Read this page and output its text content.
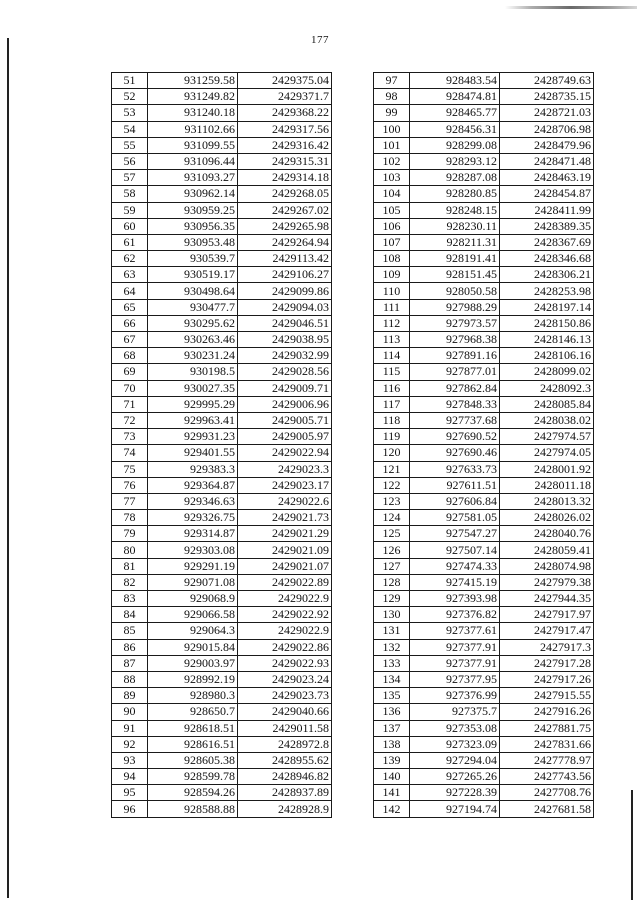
177
51	931259.58	2429375.04
52	931249.82	2429371.7
53	931240.18	2429368.22
54	931102.66	2429317.56
55	931099.55	2429316.42
56	931096.44	2429315.31
57	931093.27	2429314.18
58	930962.14	2429268.05
59	930959.25	2429267.02
60	930956.35	2429265.98
61	930953.48	2429264.94
62	930539.7	2429113.42
63	930519.17	2429106.27
64	930498.64	2429099.86
65	930477.7	2429094.03
66	930295.62	2429046.51
67	930263.46	2429038.95
68	930231.24	2429032.99
69	930198.5	2429028.56
70	930027.35	2429009.71
71	929995.29	2429006.96
72	929963.41	2429005.71
73	929931.23	2429005.97
74	929401.55	2429022.94
75	929383.3	2429023.3
76	929364.87	2429023.17
77	929346.63	2429022.6
78	929326.75	2429021.73
79	929314.87	2429021.29
80	929303.08	2429021.09
81	929291.19	2429021.07
82	929071.08	2429022.89
83	929068.9	2429022.9
84	929066.58	2429022.92
85	929064.3	2429022.9
86	929015.84	2429022.86
87	929003.97	2429022.93
88	928992.19	2429023.24
89	928980.3	2429023.73
90	928650.7	2429040.66
91	928618.51	2429011.58
92	928616.51	2428972.8
93	928605.38	2428955.62
94	928599.78	2428946.82
95	928594.26	2428937.89
96	928588.88	2428928.9
97	928483.54	2428749.63
98	928474.81	2428735.15
99	928465.77	2428721.03
100	928456.31	2428706.98
101	928299.08	2428479.96
102	928293.12	2428471.48
103	928287.08	2428463.19
104	928280.85	2428454.87
105	928248.15	2428411.99
106	928230.11	2428389.35
107	928211.31	2428367.69
108	928191.41	2428346.68
109	928151.45	2428306.21
110	928050.58	2428253.98
111	927988.29	2428197.14
112	927973.57	2428150.86
113	927968.38	2428146.13
114	927891.16	2428106.16
115	927877.01	2428099.02
116	927862.84	2428092.3
117	927848.33	2428085.84
118	927737.68	2428038.02
119	927690.52	2427974.57
120	927690.46	2427974.05
121	927633.73	2428001.92
122	927611.51	2428011.18
123	927606.84	2428013.32
124	927581.05	2428026.02
125	927547.27	2428040.76
126	927507.14	2428059.41
127	927474.33	2428074.98
128	927415.19	2427979.38
129	927393.98	2427944.35
130	927376.82	2427917.97
131	927377.61	2427917.47
132	927377.91	2427917.3
133	927377.91	2427917.28
134	927377.95	2427917.26
135	927376.99	2427915.55
136	927375.7	2427916.26
137	927353.08	2427881.75
138	927323.09	2427831.66
139	927294.04	2427778.97
140	927265.26	2427743.56
141	927228.39	2427708.76
142	927194.74	2427681.58
